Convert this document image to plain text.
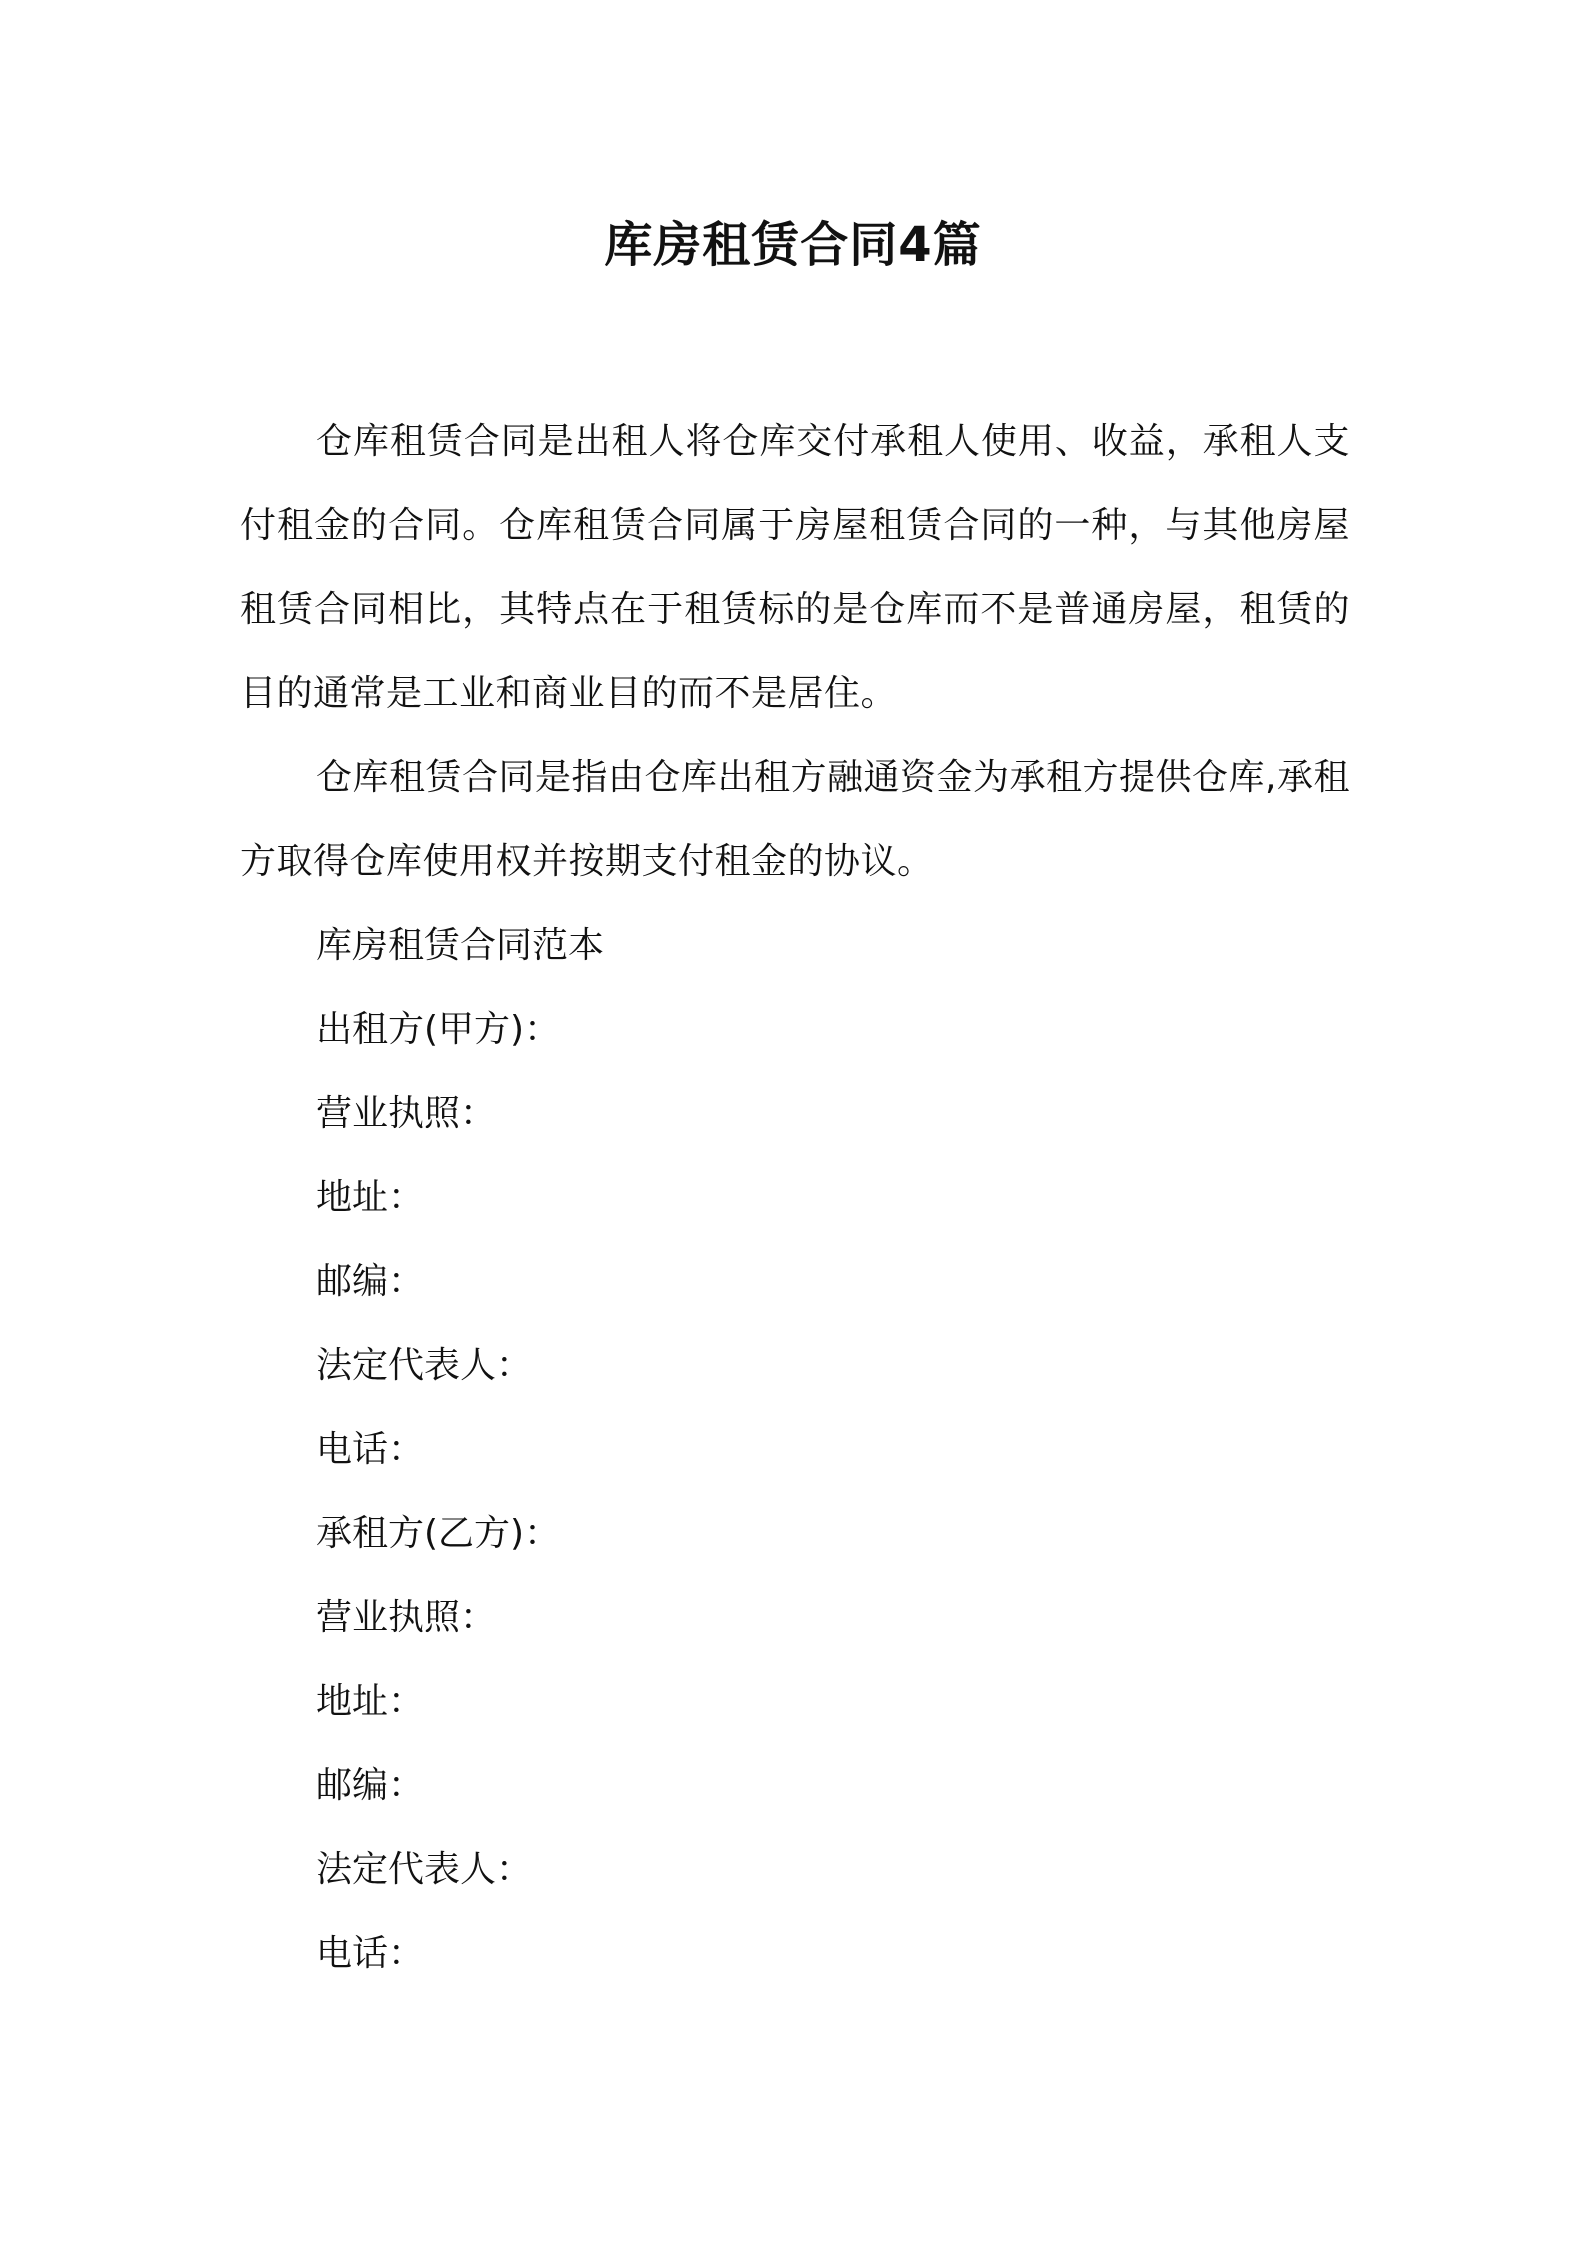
库房租赁合同4篇

仓库租赁合同是出租人将仓库交付承租人使用、收益，承租人支付租金的合同。仓库租赁合同属于房屋租赁合同的一种，与其他房屋租赁合同相比，其特点在于租赁标的是仓库而不是普通房屋，租赁的目的通常是工业和商业目的而不是居住。

仓库租赁合同是指由仓库出租方融通资金为承租方提供仓库,承租方取得仓库使用权并按期支付租金的协议。

库房租赁合同范本

出租方(甲方)：

营业执照：

地址：

邮编：

法定代表人：

电话：

承租方(乙方)：

营业执照：

地址：

邮编：

法定代表人：

电话：
